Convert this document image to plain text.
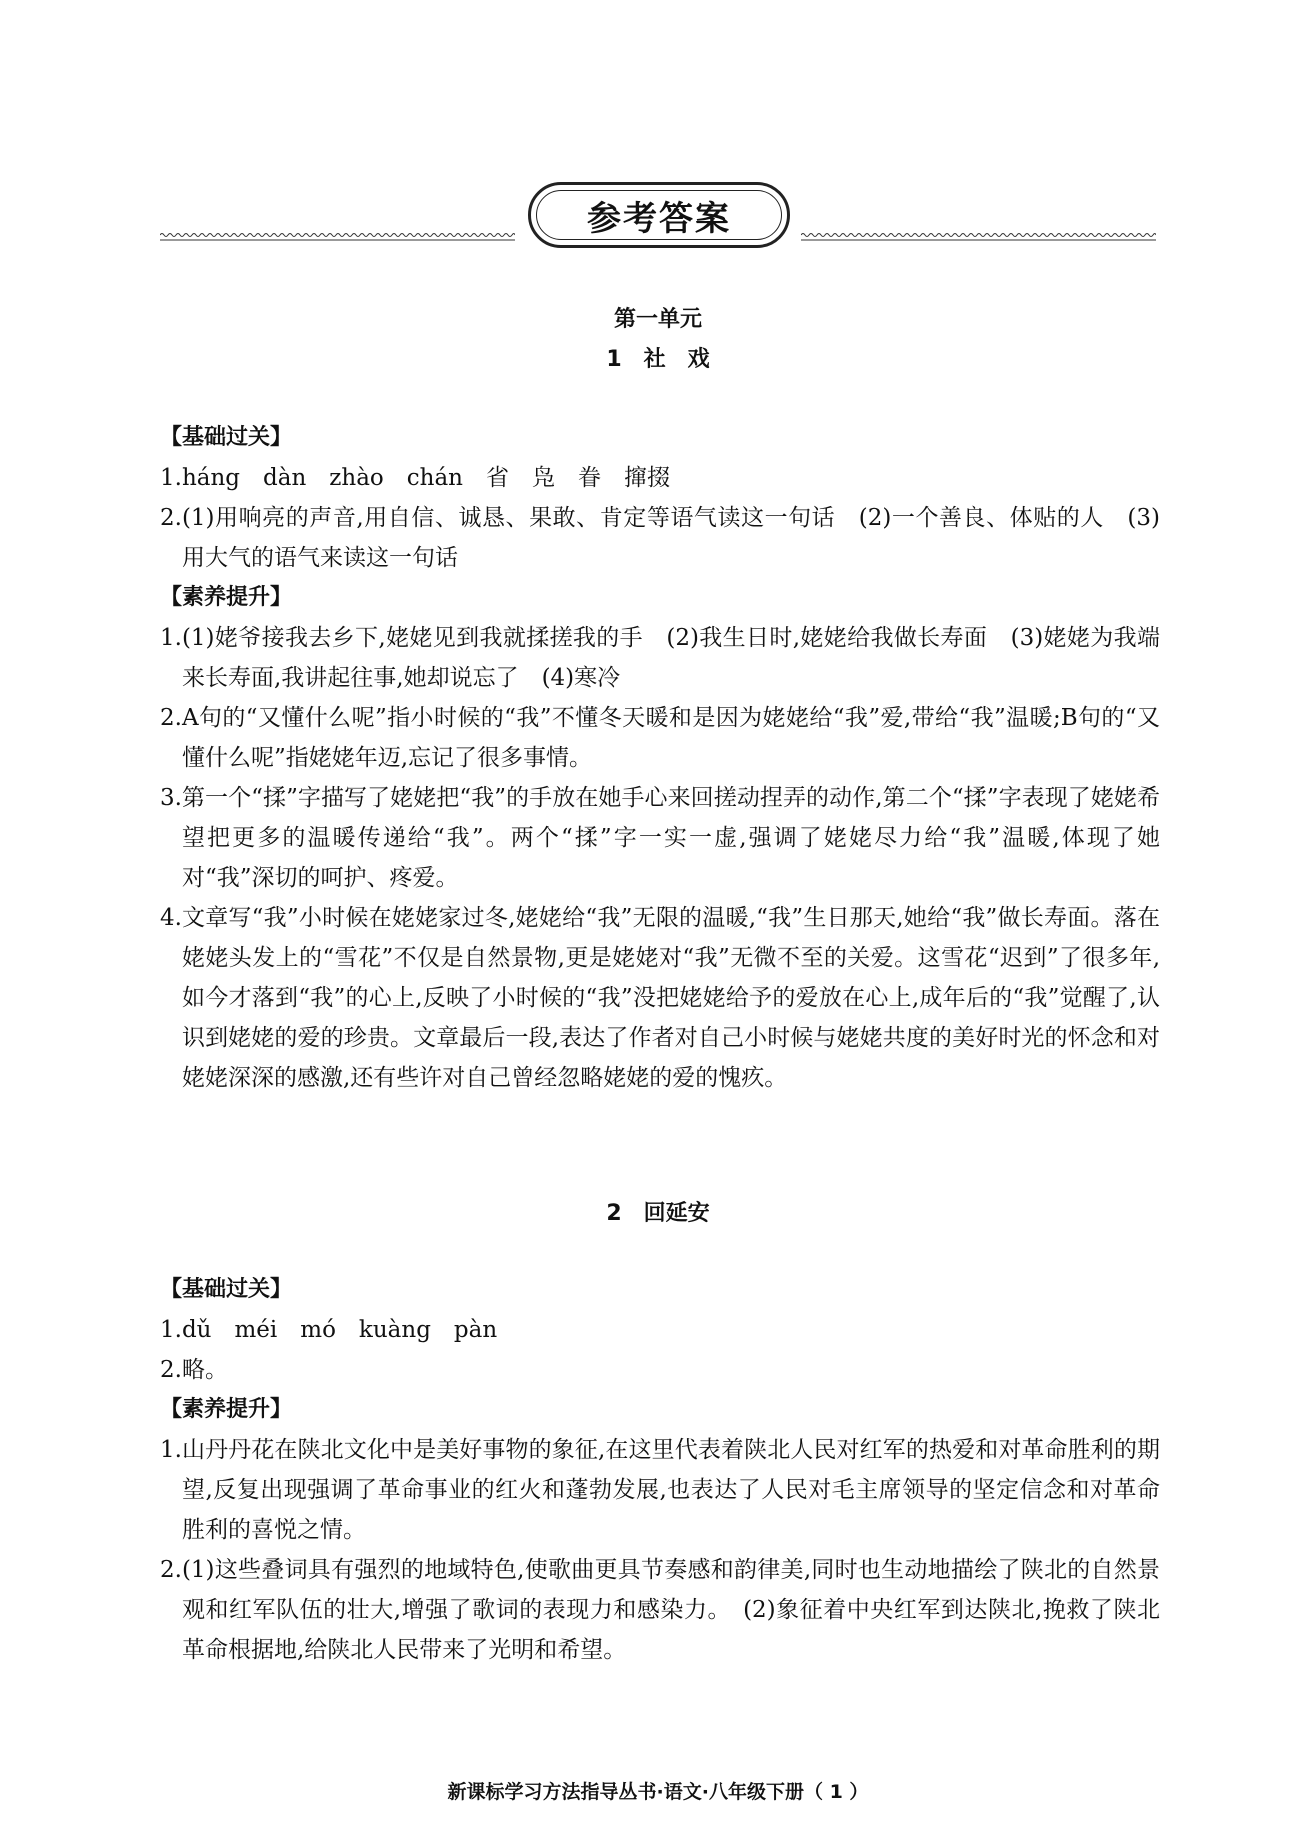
参考答案
第一单元
1　社　戏
【基础过关】
1. háng　dàn　zhào　chán　省　凫　眷　撺掇
2. (1)用响亮的声音,用自信、诚恳、果敢、肯定等语气读这一句话　(2)一个善良、体贴的人　(3)用大气的语气来读这一句话
【素养提升】
1. (1)姥爷接我去乡下,姥姥见到我就揉搓我的手　(2)我生日时,姥姥给我做长寿面　(3)姥姥为我端来长寿面,我讲起往事,她却说忘了　(4)寒冷
2. A句的“又懂什么呢”指小时候的“我”不懂冬天暖和是因为姥姥给“我”爱,带给“我”温暖;B句的“又懂什么呢”指姥姥年迈,忘记了很多事情。
3. 第一个“揉”字描写了姥姥把“我”的手放在她手心来回搓动捏弄的动作,第二个“揉”字表现了姥姥希望把更多的温暖传递给“我”。两个“揉”字一实一虚,强调了姥姥尽力给“我”温暖,体现了她对“我”深切的呵护、疼爱。
4. 文章写“我”小时候在姥姥家过冬,姥姥给“我”无限的温暖,“我”生日那天,她给“我”做长寿面。落在姥姥头发上的“雪花”不仅是自然景物,更是姥姥对“我”无微不至的关爱。这雪花“迟到”了很多年,如今才落到“我”的心上,反映了小时候的“我”没把姥姥给予的爱放在心上,成年后的“我”觉醒了,认识到姥姥的爱的珍贵。文章最后一段,表达了作者对自己小时候与姥姥共度的美好时光的怀念和对姥姥深深的感激,还有些许对自己曾经忽略姥姥的爱的愧疚。
2　回延安
【基础过关】
1. dǔ　méi　mó　kuàng　pàn
2. 略。
【素养提升】
1. 山丹丹花在陕北文化中是美好事物的象征,在这里代表着陕北人民对红军的热爱和对革命胜利的期望,反复出现强调了革命事业的红火和蓬勃发展,也表达了人民对毛主席领导的坚定信念和对革命胜利的喜悦之情。
2. (1)这些叠词具有强烈的地域特色,使歌曲更具节奏感和韵律美,同时也生动地描绘了陕北的自然景观和红军队伍的壮大,增强了歌词的表现力和感染力。　(2)象征着中央红军到达陕北,挽救了陕北革命根据地,给陕北人民带来了光明和希望。
新课标学习方法指导丛书·语文·八年级下册（ 1 ）
